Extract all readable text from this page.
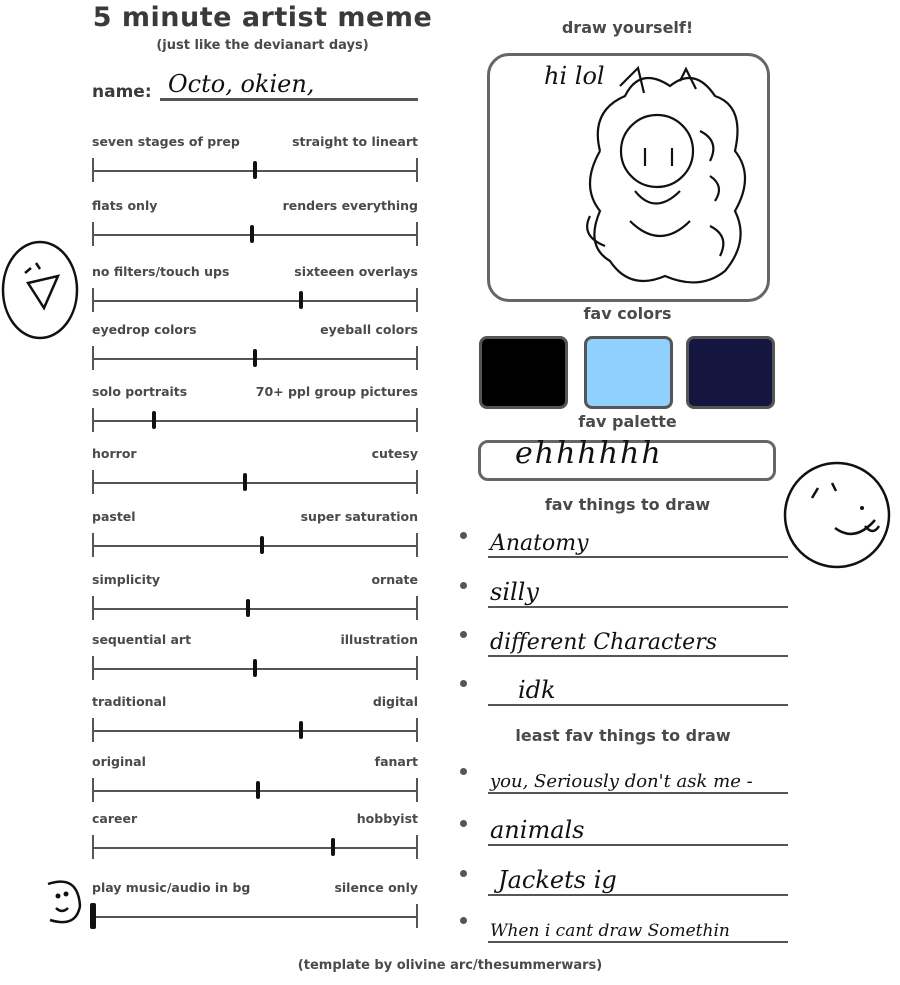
5 minute artist meme
(just like the devianart days)
name: Octo, okien,
seven stages of prep	straight to lineart
flats only	renders everything
no filters/touch ups	sixteeen overlays
eyedrop colors	eyeball colors
solo portraits	70+ ppl group pictures
horror	cutesy
pastel	super saturation
simplicity	ornate
sequential art	illustration
traditional	digital
original	fanart
career	hobbyist
play music/audio in bg	silence only
draw yourself!
hi lol
fav colors
fav palette
ehhhhhh
fav things to draw
Anatomy
silly
different Characters
idk
least fav things to draw
you, Seriously don't ask me -
animals
Jackets ig
When i cant draw Somethin
(template by olivine arc/thesummerwars)
